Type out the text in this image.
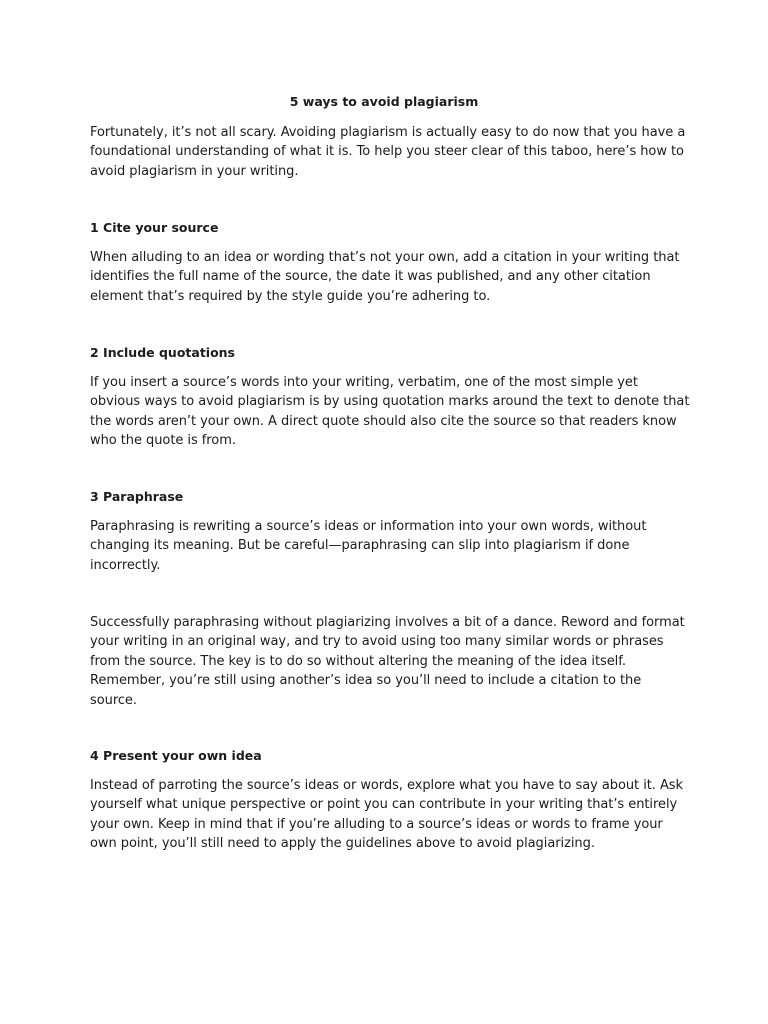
5 ways to avoid plagiarism

Fortunately, it’s not all scary. Avoiding plagiarism is actually easy to do now that you have a foundational understanding of what it is. To help you steer clear of this taboo, here’s how to avoid plagiarism in your writing.

1 Cite your source

When alluding to an idea or wording that’s not your own, add a citation in your writing that identifies the full name of the source, the date it was published, and any other citation element that’s required by the style guide you’re adhering to.

2 Include quotations

If you insert a source’s words into your writing, verbatim, one of the most simple yet obvious ways to avoid plagiarism is by using quotation marks around the text to denote that the words aren’t your own. A direct quote should also cite the source so that readers know who the quote is from.

3 Paraphrase

Paraphrasing is rewriting a source’s ideas or information into your own words, without changing its meaning. But be careful—paraphrasing can slip into plagiarism if done incorrectly.

Successfully paraphrasing without plagiarizing involves a bit of a dance. Reword and format your writing in an original way, and try to avoid using too many similar words or phrases from the source. The key is to do so without altering the meaning of the idea itself. Remember, you’re still using another’s idea so you’ll need to include a citation to the source.

4 Present your own idea

Instead of parroting the source’s ideas or words, explore what you have to say about it. Ask yourself what unique perspective or point you can contribute in your writing that’s entirely your own. Keep in mind that if you’re alluding to a source’s ideas or words to frame your own point, you’ll still need to apply the guidelines above to avoid plagiarizing.
